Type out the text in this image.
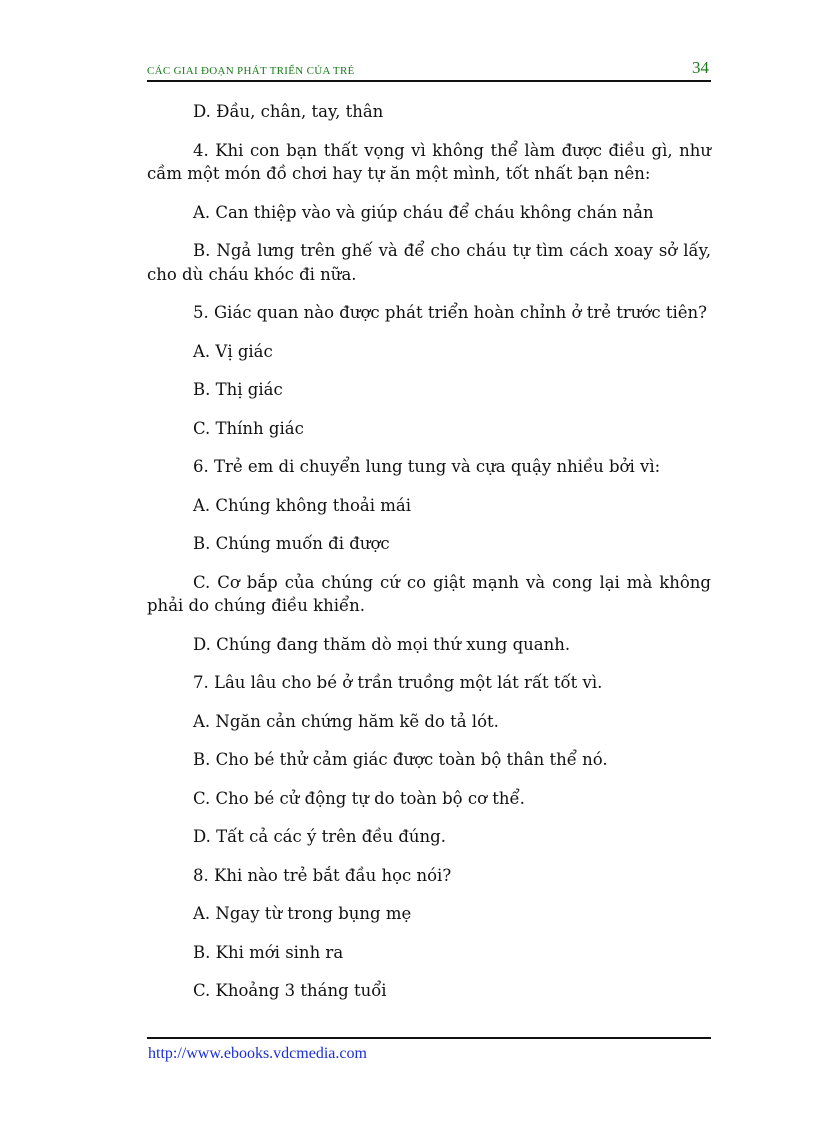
CÁC GIAI ĐOẠN PHÁT TRIỂN CỦA TRẺ	34

D. Đầu, chân, tay, thân

4. Khi con bạn thất vọng vì không thể làm được điều gì, như cầm một món đồ chơi hay tự ăn một mình, tốt nhất bạn nên:

A. Can thiệp vào và giúp cháu để cháu không chán nản

B. Ngả lưng trên ghế và để cho cháu tự tìm cách xoay sở lấy, cho dù cháu khóc đi nữa.

5. Giác quan nào được phát triển hoàn chỉnh ở trẻ trước tiên?

A. Vị giác

B. Thị giác

C. Thính giác

6. Trẻ em di chuyển lung tung và cựa quậy nhiều bởi vì:

A. Chúng không thoải mái

B. Chúng muốn đi được

C. Cơ bắp của chúng cứ co giật mạnh và cong lại mà không phải do chúng điều khiển.

D. Chúng đang thăm dò mọi thứ xung quanh.

7. Lâu lâu cho bé ở trần truồng một lát rất tốt vì.

A. Ngăn cản chứng hăm kẽ do tả lót.

B. Cho bé thử cảm giác được toàn bộ thân thể nó.

C. Cho bé cử động tự do toàn bộ cơ thể.

D. Tất cả các ý trên đều đúng.

8. Khi nào trẻ bắt đầu học nói?

A. Ngay từ trong bụng mẹ

B. Khi mới sinh ra

C. Khoảng 3 tháng tuổi

http://www.ebooks.vdcmedia.com
